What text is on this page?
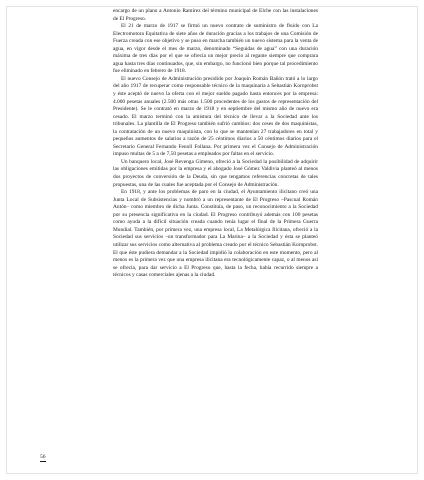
encargo de un plano a Antonio Ramírez del término municipal de Elche con las instalaciones de El Progreso.

El 21 de marzo de 1917 se firmó un nuevo contrato de suministro de fluido con La Electromotora Equitativa de siete años de duración gracias a los trabajos de una Comisión de Fuerza creada con ese objetivo y se puso en marcha también un nuevo sistema para la venta de agua, en vigor desde el mes de marzo, denominado “Seguidas de agua” con una duración máxima de tres días por el que se ofrecía un mejor precio al regante siempre que comprara agua hasta tres días continuados, que, sin embargo, no funcionó bien porque tal procedimiento fue eliminado en febrero de 1918.

El nuevo Consejo de Administración presidido por Joaquín Román Bañón trató a lo largo del año 1917 de recuperar como responsable técnico de la maquinaria a Sebastián Kornprobst y éste aceptó de nuevo la oferta con el mejor sueldo pagado hasta entonces por la empresa: 4.000 pesetas anuales (2.500 más otras 1.500 procedentes de los gastos de representación del Presidente). Se le contrató en marzo de 1918 y en septiembre del mismo año de nuevo era cesado. El marzo terminó con la amistura del técnico de llevar a la Sociedad ante los tribunales. La plantilla de El Progreso también sufrió cambios: dos ceses de dos maquinistas, la contratación de un nuevo maquinista, con lo que se mantenían 27 trabajadores en total y pequeños aumentos de salarios a razón de 25 céntimos diarios a 50 céntimos diarios para el Secretario General Fernando Fenoll Follana. Por primera vez el Consejo de Administración impuso multas de 5 a de 7,50 pesetas a empleados por faltas en el servicio.

Un banquero local, José Revenga Gimeno, ofreció a la Sociedad la posibilidad de adquirir las obligaciones emitidas por la empresa y el abogado José Gómez Valdivia planteó al menos dos proyectos de conversión de la Deuda, sin que tengamos referencias concretas de tales propuestas, una de las cuales fue aceptada por el Consejo de Administración.

En 1918, y ante los problemas de paro en la ciudad, el Ayuntamiento ilicitano creó una Junta Local de Subsistencias y nombró a un representante de El Progreso –Pascual Román Antón– como miembro de dicha Junta. Constituía, de paso, un reconocimiento a la Sociedad por su presencia significativa en la ciudad. El Progreso contribuyó además con 100 pesetas como ayuda a la difícil situación creada cuando tenía lugar el final de la Primera Guerra Mundial. También, por primera vez, una empresa local, La Metalúrgica Ilicitana, ofreció a la Sociedad sus servicios –un transformador para La Marina– a la Sociedad y ésta se planteó utilizar sus servicios como alternativa al problema creado por el técnico Sebastián Kornprobst. El que éste pudiera demandar a la Sociedad impidió la colaboración en este momento, pero al menos es la primera vez que una empresa ilicitana era tecnológicamente capaz, o al menos así se ofrecía, para dar servicio a El Progreso que, hasta la fecha, había recurrido siempre a técnicos y casas comerciales ajenas a la ciudad.

56
